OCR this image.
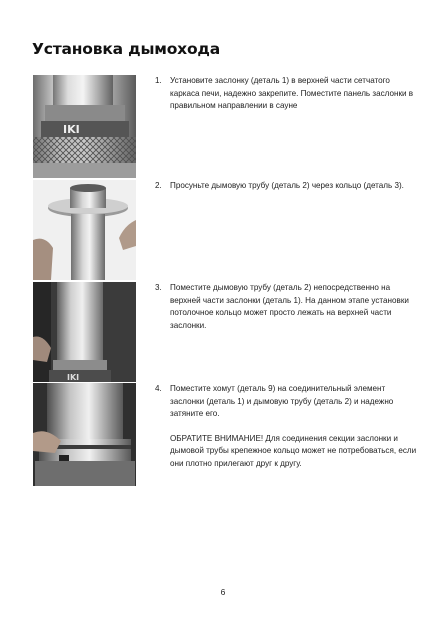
Установка дымохода
IKI
IKI
1. Установите заслонку (деталь 1) в верхней части сетчатого каркаса печи, надежно закрепите. Поместите панель заслонки в правильном направлении в сауне
2. Просуньте дымовую трубу (деталь 2) через кольцо (деталь 3).
3. Поместите дымовую трубу (деталь 2) непосредственно на верхней части заслонки (деталь 1). На данном этапе установки потолочное кольцо может просто лежать на верхней части заслонки.
4. Поместите хомут (деталь 9) на соединительный элемент заслонки (деталь 1) и дымовую трубу (деталь 2) и надежно затяните его.
ОБРАТИТЕ ВНИМАНИЕ! Для соединения секции заслонки и дымовой трубы крепежное кольцо может не потребоваться, если они плотно прилегают друг к другу.
6
